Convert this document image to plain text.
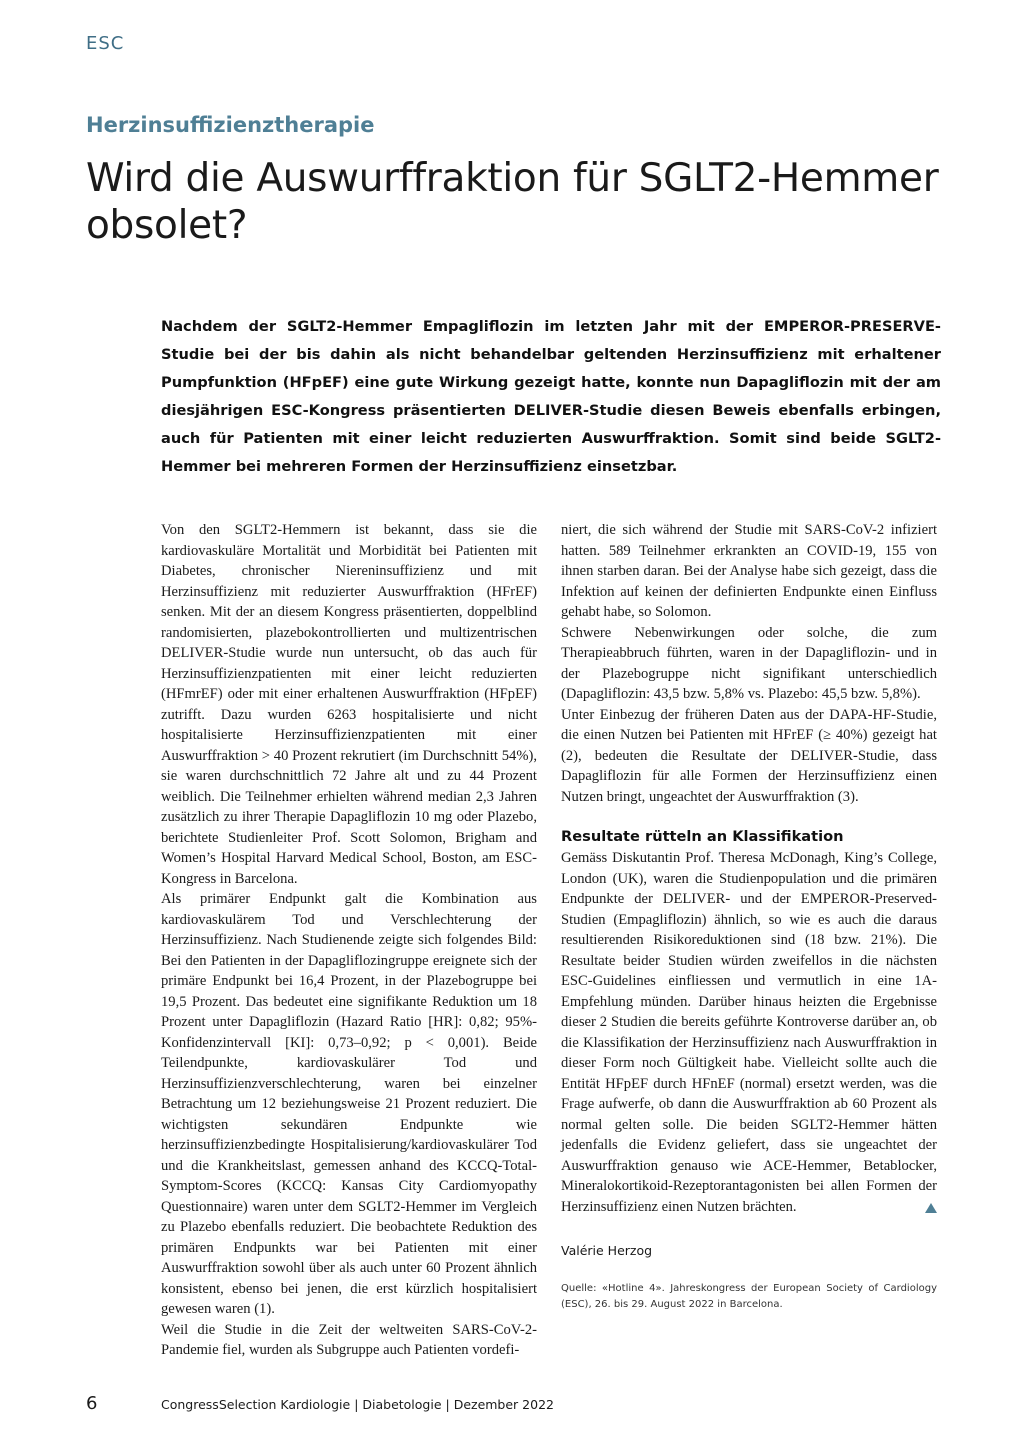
ESC
Herzinsuffizienztherapie
Wird die Auswurffraktion für SGLT2-Hemmer obsolet?

Nachdem der SGLT2-Hemmer Empagliflozin im letzten Jahr mit der EMPEROR-PRESERVE-Studie bei der bis dahin als nicht behandelbar geltenden Herzinsuffizienz mit erhaltener Pumpfunktion (HFpEF) eine gute Wirkung gezeigt hatte, konnte nun Dapagliflozin mit der am diesjährigen ESC-Kongress präsentierten DELIVER-Studie diesen Beweis ebenfalls erbingen, auch für Patienten mit einer leicht reduzierten Auswurffraktion. Somit sind beide SGLT2-Hemmer bei mehreren Formen der Herzinsuffizienz einsetzbar.

Von den SGLT2-Hemmern ist bekannt, dass sie die kardiovaskuläre Mortalität und Morbidität bei Patienten mit Diabetes, chronischer Niereninsuffizienz und mit Herzinsuffizienz mit reduzierter Auswurffraktion (HFrEF) senken. Mit der an diesem Kongress präsentierten, doppelblind randomisierten, plazebokontrollierten und multizentrischen DELIVER-Studie wurde nun untersucht, ob das auch für Herzinsuffizienzpatienten mit einer leicht reduzierten (HFmrEF) oder mit einer erhaltenen Auswurffraktion (HFpEF) zutrifft. Dazu wurden 6263 hospitalisierte und nicht hospitalisierte Herzinsuffizienzpatienten mit einer Auswurffraktion > 40 Prozent rekrutiert (im Durchschnitt 54%), sie waren durchschnittlich 72 Jahre alt und zu 44 Prozent weiblich. Die Teilnehmer erhielten während median 2,3 Jahren zusätzlich zu ihrer Therapie Dapagliflozin 10 mg oder Plazebo, berichtete Studienleiter Prof. Scott Solomon, Brigham and Women’s Hospital Harvard Medical School, Boston, am ESC-Kongress in Barcelona.

Als primärer Endpunkt galt die Kombination aus kardiovaskulärem Tod und Verschlechterung der Herzinsuffizienz. Nach Studienende zeigte sich folgendes Bild: Bei den Patienten in der Dapagliflozingruppe ereignete sich der primäre Endpunkt bei 16,4 Prozent, in der Plazebogruppe bei 19,5 Prozent. Das bedeutet eine signifikante Reduktion um 18 Prozent unter Dapagliflozin (Hazard Ratio [HR]: 0,82; 95%-Konfidenzintervall [KI]: 0,73–0,92; p < 0,001). Beide Teilendpunkte, kardiovaskulärer Tod und Herzinsuffizienzverschlechterung, waren bei einzelner Betrachtung um 12 beziehungsweise 21 Prozent reduziert. Die wichtigsten sekundären Endpunkte wie herzinsuffizienzbedingte Hospitalisierung/kardiovaskulärer Tod und die Krankheitslast, gemessen anhand des KCCQ-Total-Symptom-Scores (KCCQ: Kansas City Cardiomyopathy Questionnaire) waren unter dem SGLT2-Hemmer im Vergleich zu Plazebo ebenfalls reduziert. Die beobachtete Reduktion des primären Endpunkts war bei Patienten mit einer Auswurffraktion sowohl über als auch unter 60 Prozent ähnlich konsistent, ebenso bei jenen, die erst kürzlich hospitalisiert gewesen waren (1).

Weil die Studie in die Zeit der weltweiten SARS-CoV-2-Pandemie fiel, wurden als Subgruppe auch Patienten vordefi-

niert, die sich während der Studie mit SARS-CoV-2 infiziert hatten. 589 Teilnehmer erkrankten an COVID-19, 155 von ihnen starben daran. Bei der Analyse habe sich gezeigt, dass die Infektion auf keinen der definierten Endpunkte einen Einfluss gehabt habe, so Solomon.

Schwere Nebenwirkungen oder solche, die zum Therapieabbruch führten, waren in der Dapagliflozin- und in der Plazebogruppe nicht signifikant unterschiedlich (Dapagliflozin: 43,5 bzw. 5,8% vs. Plazebo: 45,5 bzw. 5,8%).

Unter Einbezug der früheren Daten aus der DAPA-HF-Studie, die einen Nutzen bei Patienten mit HFrEF (≥ 40%) gezeigt hat (2), bedeuten die Resultate der DELIVER-Studie, dass Dapagliflozin für alle Formen der Herzinsuffizienz einen Nutzen bringt, ungeachtet der Auswurffraktion (3).

Resultate rütteln an Klassifikation

Gemäss Diskutantin Prof. Theresa McDonagh, King’s College, London (UK), waren die Studienpopulation und die primären Endpunkte der DELIVER- und der EMPEROR-Preserved-Studien (Empagliflozin) ähnlich, so wie es auch die daraus resultierenden Risikoreduktionen sind (18 bzw. 21%). Die Resultate beider Studien würden zweifellos in die nächsten ESC-Guidelines einfliessen und vermutlich in eine 1A-Empfehlung münden. Darüber hinaus heizten die Ergebnisse dieser 2 Studien die bereits geführte Kontroverse darüber an, ob die Klassifikation der Herzinsuffizienz nach Auswurffraktion in dieser Form noch Gültigkeit habe. Vielleicht sollte auch die Entität HFpEF durch HFnEF (normal) ersetzt werden, was die Frage aufwerfe, ob dann die Auswurffraktion ab 60 Prozent als normal gelten solle. Die beiden SGLT2-Hemmer hätten jedenfalls die Evidenz geliefert, dass sie ungeachtet der Auswurffraktion genauso wie ACE-Hemmer, Betablocker, Mineralokortikoid-Rezeptorantagonisten bei allen Formen der Herzinsuffizienz einen Nutzen brächten.

Valérie Herzog
Quelle: «Hotline 4». Jahreskongress der European Society of Cardiology (ESC), 26. bis 29. August 2022 in Barcelona.
6	CongressSelection Kardiologie | Diabetologie | Dezember 2022
